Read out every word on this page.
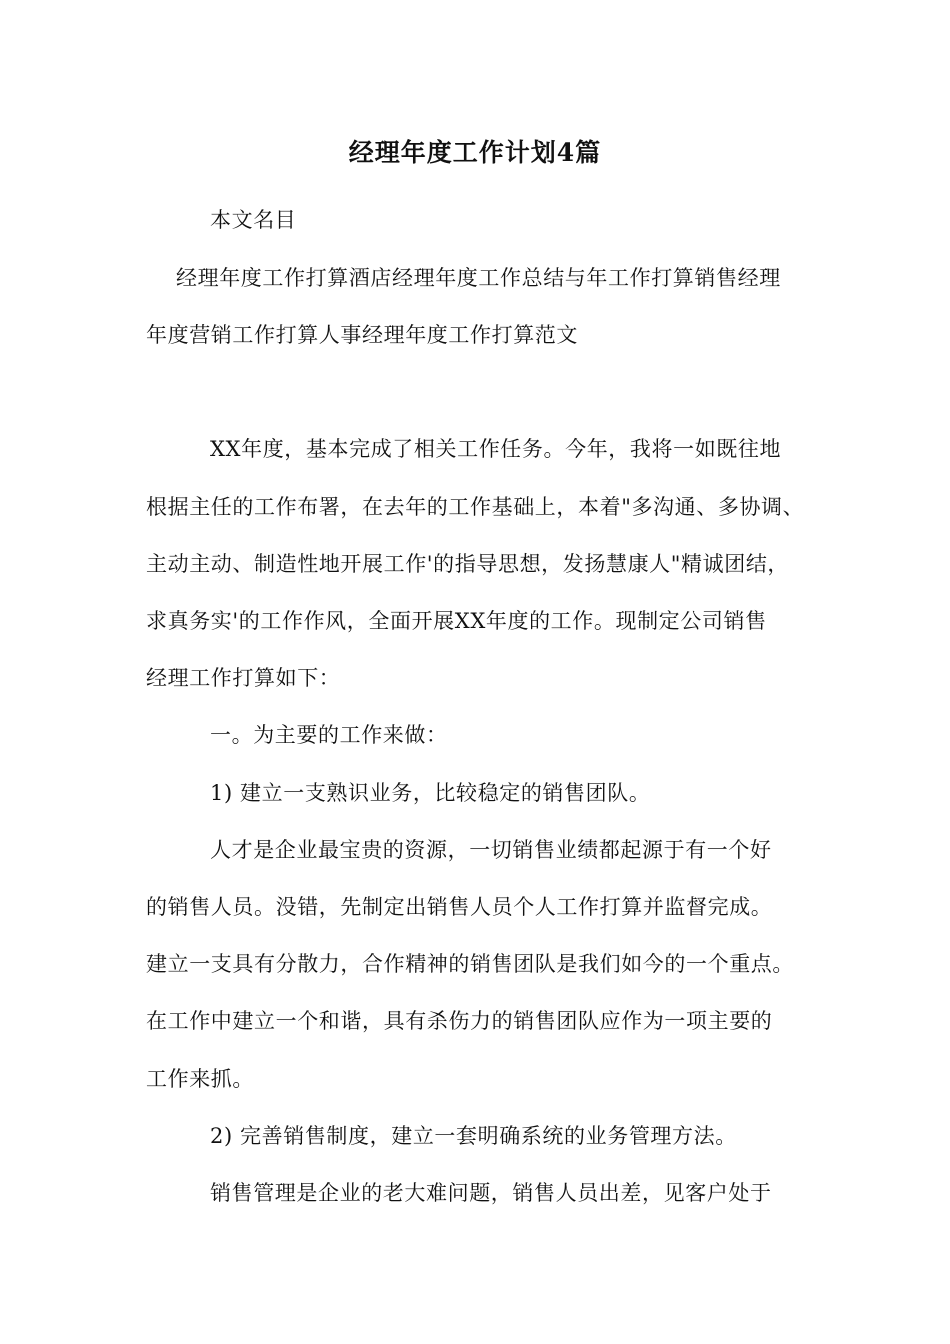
经理年度工作计划4篇
本文名目
经理年度工作打算酒店经理年度工作总结与年工作打算销售经理
年度营销工作打算人事经理年度工作打算范文
XX年度，基本完成了相关工作任务。今年，我将一如既往地
根据主任的工作布署，在去年的工作基础上，本着"多沟通、多协调、
主动主动、制造性地开展工作'的指导思想，发扬慧康人"精诚团结，
求真务实'的工作作风，全面开展XX年度的工作。现制定公司销售
经理工作打算如下：
一。为主要的工作来做：
1) 建立一支熟识业务，比较稳定的销售团队。
人才是企业最宝贵的资源，一切销售业绩都起源于有一个好
的销售人员。没错，先制定出销售人员个人工作打算并监督完成。
建立一支具有分散力，合作精神的销售团队是我们如今的一个重点。
在工作中建立一个和谐，具有杀伤力的销售团队应作为一项主要的
工作来抓。
2) 完善销售制度，建立一套明确系统的业务管理方法。
销售管理是企业的老大难问题，销售人员出差，见客户处于
